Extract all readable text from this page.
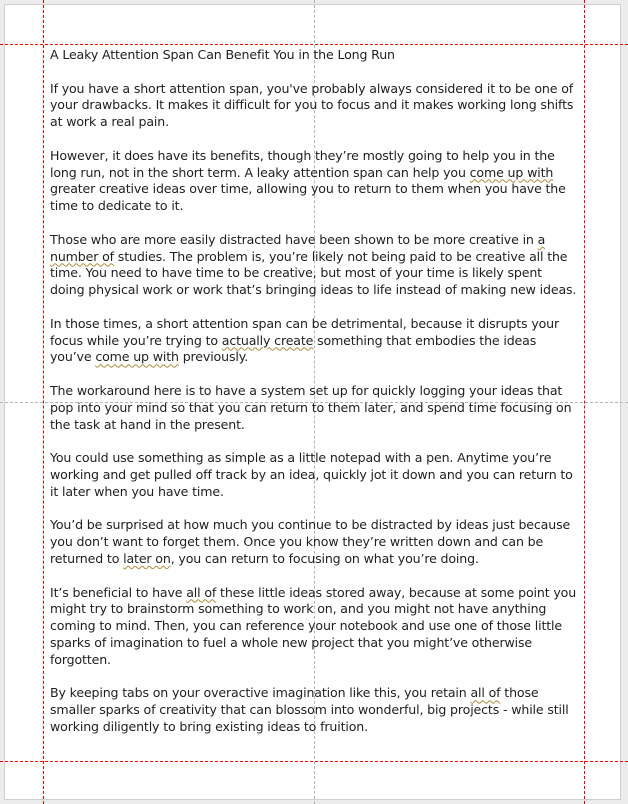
A Leaky Attention Span Can Benefit You in the Long Run

If you have a short attention span, you've probably always considered it to be one of your drawbacks. It makes it difficult for you to focus and it makes working long shifts at work a real pain.

However, it does have its benefits, though they’re mostly going to help you in the long run, not in the short term. A leaky attention span can help you come up with greater creative ideas over time, allowing you to return to them when you have the time to dedicate to it.

Those who are more easily distracted have been shown to be more creative in a number of studies. The problem is, you’re likely not being paid to be creative all the time. You need to have time to be creative, but most of your time is likely spent doing physical work or work that’s bringing ideas to life instead of making new ideas.

In those times, a short attention span can be detrimental, because it disrupts your focus while you’re trying to actually create something that embodies the ideas you’ve come up with previously.

The workaround here is to have a system set up for quickly logging your ideas that pop into your mind so that you can return to them later, and spend time focusing on the task at hand in the present.

You could use something as simple as a little notepad with a pen. Anytime you’re working and get pulled off track by an idea, quickly jot it down and you can return to it later when you have time.

You’d be surprised at how much you continue to be distracted by ideas just because you don’t want to forget them. Once you know they’re written down and can be returned to later on, you can return to focusing on what you’re doing.

It’s beneficial to have all of these little ideas stored away, because at some point you might try to brainstorm something to work on, and you might not have anything coming to mind. Then, you can reference your notebook and use one of those little sparks of imagination to fuel a whole new project that you might’ve otherwise forgotten.

By keeping tabs on your overactive imagination like this, you retain all of those smaller sparks of creativity that can blossom into wonderful, big projects - while still working diligently to bring existing ideas to fruition.
